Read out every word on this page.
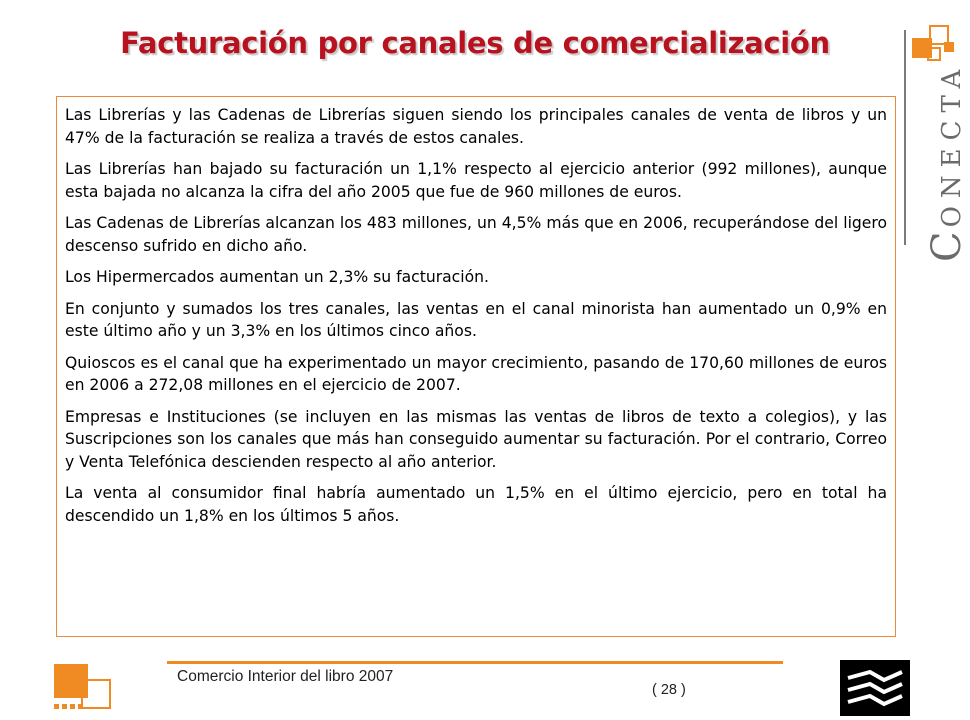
Facturación por canales de comercialización

Las Librerías y las Cadenas de Librerías siguen siendo los principales canales de venta de libros y un 47% de la facturación se realiza a través de estos canales.

Las Librerías han bajado su facturación un 1,1% respecto al ejercicio anterior (992 millones), aunque esta bajada no alcanza la cifra del año 2005 que fue de 960 millones de euros.

Las Cadenas de Librerías alcanzan los 483 millones, un 4,5% más que en 2006, recuperándose del ligero descenso sufrido en dicho año.

Los Hipermercados aumentan un 2,3% su facturación.

En conjunto y sumados los tres canales, las ventas en el canal minorista han aumentado un 0,9% en este último año y un 3,3% en los últimos cinco años.

Quioscos es el canal que ha experimentado un mayor crecimiento, pasando de 170,60 millones de euros en 2006 a 272,08 millones en el ejercicio de 2007.

Empresas e Instituciones (se incluyen en las mismas las ventas de libros de texto a colegios), y las Suscripciones son los canales que más han conseguido aumentar su facturación. Por el contrario, Correo y Venta Telefónica descienden respecto al año anterior.

La venta al consumidor final habría aumentado un 1,5% en el último ejercicio, pero en total ha descendido un 1,8% en los últimos 5 años.

CONECTA
Comercio Interior del libro 2007
( 28 )
